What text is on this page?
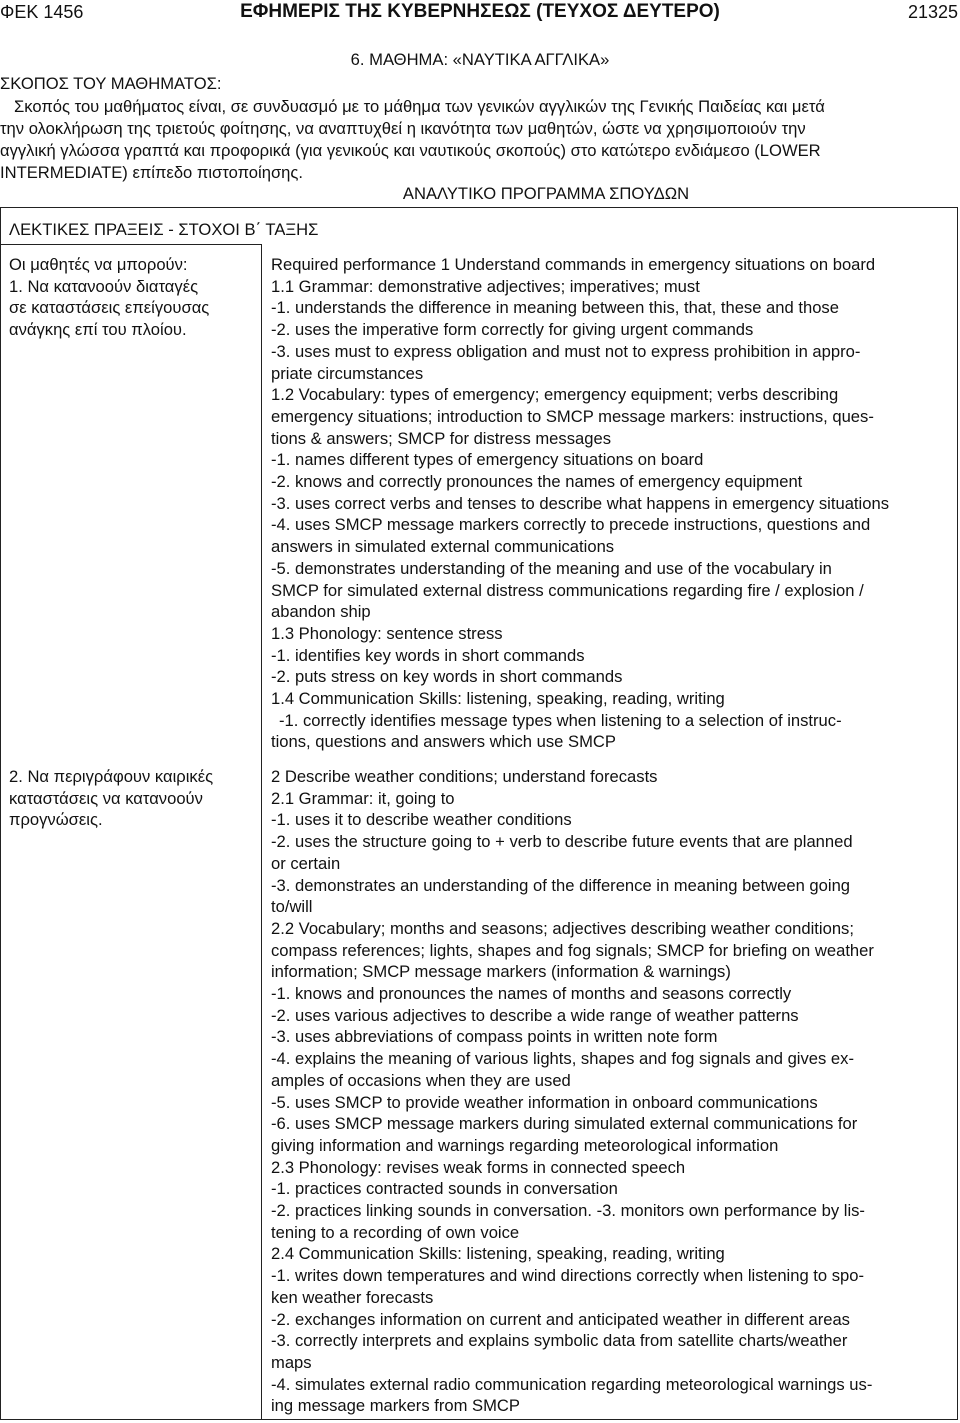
ΦΕΚ 1456	ΕΦΗΜΕΡΙΣ ΤΗΣ ΚΥΒΕΡΝΗΣΕΩΣ (ΤΕΥΧΟΣ ΔΕΥΤΕΡΟ)	21325
6. ΜΑΘΗΜΑ: «ΝΑΥΤΙΚΑ ΑΓΓΛΙΚΑ»
ΣΚΟΠΟΣ ΤΟΥ ΜΑΘΗΜΑΤΟΣ:
Σκοπός του μαθήματος είναι, σε συνδυασμό με το μάθημα των γενικών αγγλικών της Γενικής Παιδείας και μετά
την ολοκλήρωση της τριετούς φοίτησης, να αναπτυχθεί η ικανότητα των μαθητών, ώστε να χρησιμοποιούν την
αγγλική γλώσσα γραπτά και προφορικά (για γενικούς και ναυτικούς σκοπούς) στο κατώτερο ενδιάμεσο (LOWER
INTERMEDIATE) επίπεδο πιστοποίησης.
ΑΝΑΛΥΤΙΚΟ ΠΡΟΓΡΑΜΜΑ ΣΠΟΥΔΩΝ
ΛΕΚΤΙΚΕΣ ΠΡΑΞΕΙΣ - ΣΤΟΧΟΙ Β΄ ΤΑΞΗΣ
Οι μαθητές να μπορούν:
1. Να κατανοούν διαταγές
σε καταστάσεις επείγουσας
ανάγκης επί του πλοίου.
2. Να περιγράφουν καιρικές
καταστάσεις να κατανοούν
προγνώσεις.
Required performance 1 Understand commands in emergency situations on board
1.1 Grammar: demonstrative adjectives; imperatives; must
-1. understands the difference in meaning between this, that, these and those
-2. uses the imperative form correctly for giving urgent commands
-3. uses must to express obligation and must not to express prohibition in appro-
priate circumstances
1.2 Vocabulary: types of emergency; emergency equipment; verbs describing
emergency situations; introduction to SMCP message markers: instructions, ques-
tions & answers; SMCP for distress messages
-1. names different types of emergency situations on board
-2. knows and correctly pronounces the names of emergency equipment
-3. uses correct verbs and tenses to describe what happens in emergency situations
-4. uses SMCP message markers correctly to precede instructions, questions and
answers in simulated external communications
-5. demonstrates understanding of the meaning and use of the vocabulary in
SMCP for simulated external distress communications regarding fire / explosion /
abandon ship
1.3 Phonology: sentence stress
-1. identifies key words in short commands
-2. puts stress on key words in short commands
1.4 Communication Skills: listening, speaking, reading, writing
-1. correctly identifies message types when listening to a selection of instruc-
tions, questions and answers which use SMCP
2 Describe weather conditions; understand forecasts
2.1 Grammar: it, going to
-1. uses it to describe weather conditions
-2. uses the structure going to + verb to describe future events that are planned
or certain
-3. demonstrates an understanding of the difference in meaning between going
to/will
2.2 Vocabulary; months and seasons; adjectives describing weather conditions;
compass references; lights, shapes and fog signals; SMCP for briefing on weather
information; SMCP message markers (information & warnings)
-1. knows and pronounces the names of months and seasons correctly
-2. uses various adjectives to describe a wide range of weather patterns
-3. uses abbreviations of compass points in written note form
-4. explains the meaning of various lights, shapes and fog signals and gives ex-
amples of occasions when they are used
-5. uses SMCP to provide weather information in onboard communications
-6. uses SMCP message markers during simulated external communications for
giving information and warnings regarding meteorological information
2.3 Phonology: revises weak forms in connected speech
-1. practices contracted sounds in conversation
-2. practices linking sounds in conversation. -3. monitors own performance by lis-
tening to a recording of own voice
2.4 Communication Skills: listening, speaking, reading, writing
-1. writes down temperatures and wind directions correctly when listening to spo-
ken weather forecasts
-2. exchanges information on current and anticipated weather in different areas
-3. correctly interprets and explains symbolic data from satellite charts/weather
maps
-4. simulates external radio communication regarding meteorological warnings us-
ing message markers from SMCP
